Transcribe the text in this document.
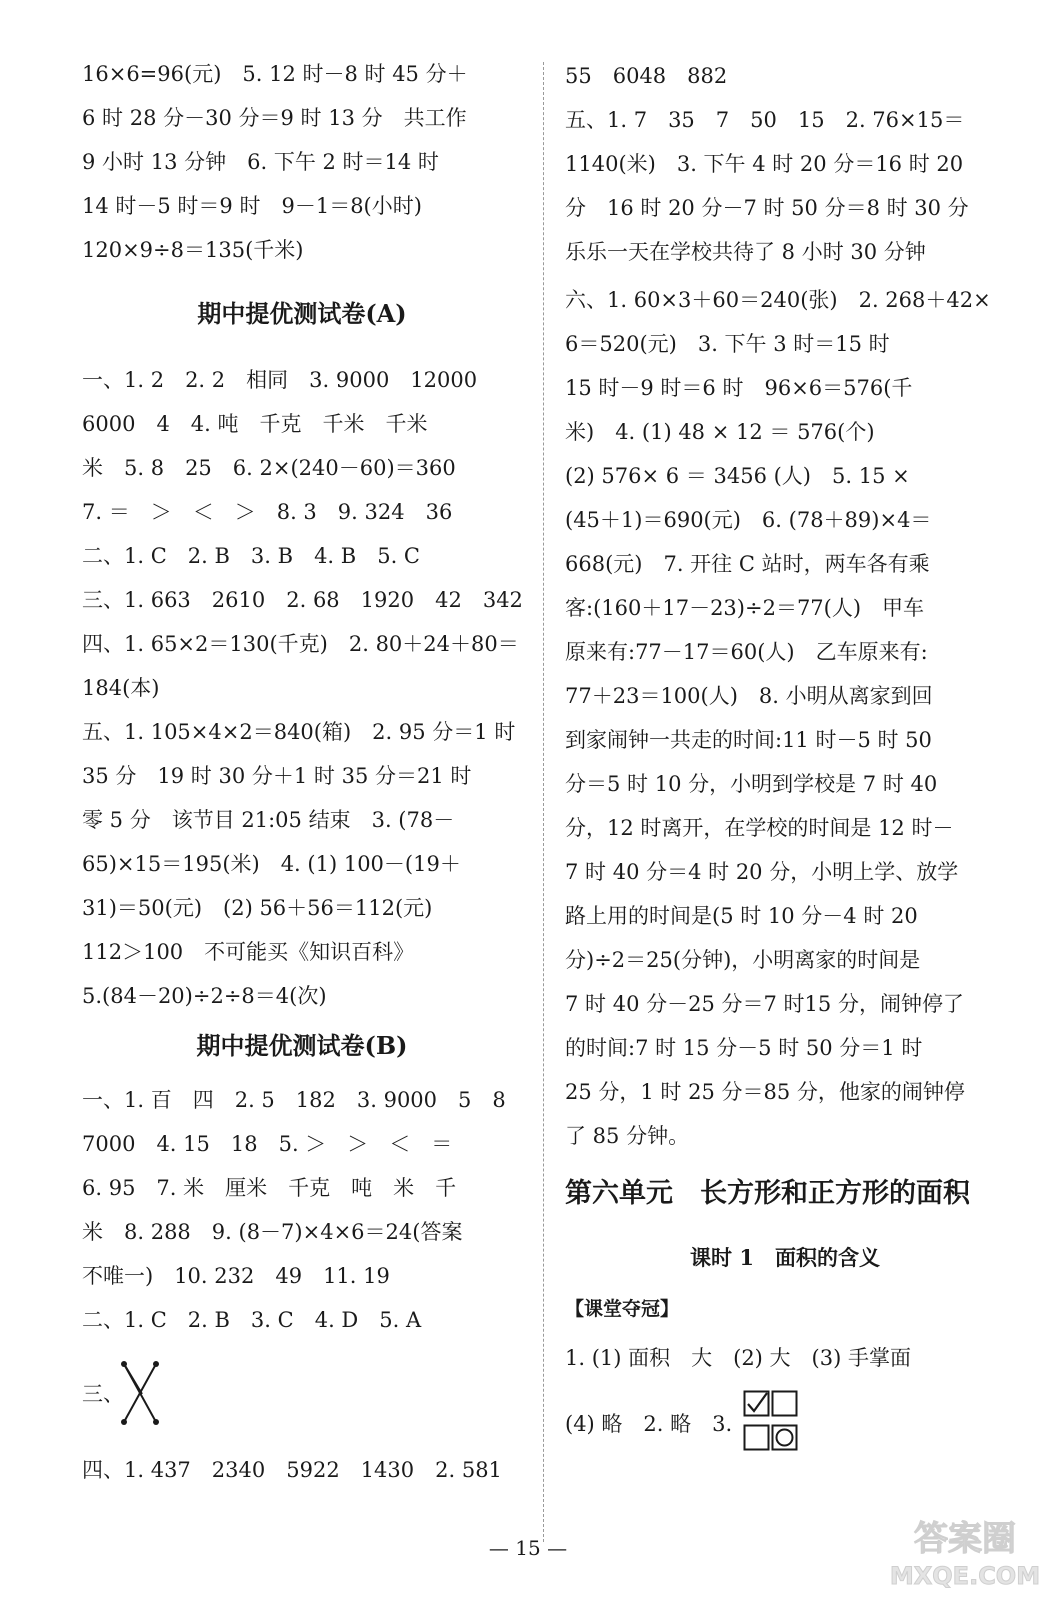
16×6=96(元)　5. 12 时－8 时 45 分＋
6 时 28 分－30 分＝9 时 13 分　共工作
9 小时 13 分钟　6. 下午 2 时＝14 时
14 时－5 时＝9 时　9－1＝8(小时)
120×9÷8＝135(千米)
期中提优测试卷(A)
一、1. 2　2. 2　相同　3. 9000　12000
6000　4　4. 吨　千克　千米　千米
米　5. 8　25　6. 2×(240－60)＝360
7. ＝　＞　＜　＞　8. 3　9. 324　36
二、1. C　2. B　3. B　4. B　5. C
三、1. 663　2610　2. 68　1920　42　342
四、1. 65×2＝130(千克)　2. 80＋24＋80＝
184(本)
五、1. 105×4×2＝840(箱)　2. 95 分＝1 时
35 分　19 时 30 分＋1 时 35 分＝21 时
零 5 分　该节目 21:05 结束　3. (78－
65)×15＝195(米)　4. (1) 100－(19＋
31)＝50(元)　(2) 56＋56＝112(元)
112＞100　不可能买《知识百科》
5.(84－20)÷2÷8＝4(次)
期中提优测试卷(B)
一、1. 百　四　2. 5　182　3. 9000　5　8
7000　4. 15　18　5. ＞　＞　＜　＝
6. 95　7. 米　厘米　千克　吨　米　千
米　8. 288　9. (8－7)×4×6＝24(答案
不唯一)　10. 232　49　11. 19
二、1. C　2. B　3. C　4. D　5. A
三、
四、1. 437　2340　5922　1430　2. 581
55　6048　882
五、1. 7　35　7　50　15　2. 76×15＝
1140(米)　3. 下午 4 时 20 分＝16 时 20
分　16 时 20 分－7 时 50 分＝8 时 30 分
乐乐一天在学校共待了 8 小时 30 分钟
六、1. 60×3＋60＝240(张)　2. 268＋42×
6＝520(元)　3. 下午 3 时＝15 时
15 时－9 时＝6 时　96×6＝576(千
米)　4. (1) 48 × 12 ＝ 576(个)
(2) 576× 6 ＝ 3456 (人)　5. 15 ×
(45＋1)＝690(元)　6. (78＋89)×4＝
668(元)　7. 开往 C 站时，两车各有乘
客:(160＋17－23)÷2＝77(人)　甲车
原来有:77－17＝60(人)　乙车原来有:
77＋23＝100(人)　8. 小明从离家到回
到家闹钟一共走的时间:11 时－5 时 50
分＝5 时 10 分，小明到学校是 7 时 40
分，12 时离开，在学校的时间是 12 时－
7 时 40 分＝4 时 20 分，小明上学、放学
路上用的时间是(5 时 10 分－4 时 20
分)÷2＝25(分钟)，小明离家的时间是
7 时 40 分－25 分＝7 时15 分，闹钟停了
的时间:7 时 15 分－5 时 50 分＝1 时
25 分，1 时 25 分＝85 分，他家的闹钟停
了 85 分钟。
第六单元　长方形和正方形的面积
课时 1　面积的含义
【课堂夺冠】
1. (1) 面积　大　(2) 大　(3) 手掌面
(4) 略　2. 略　3.
— 15 —	答案圈
MXQE.COM
